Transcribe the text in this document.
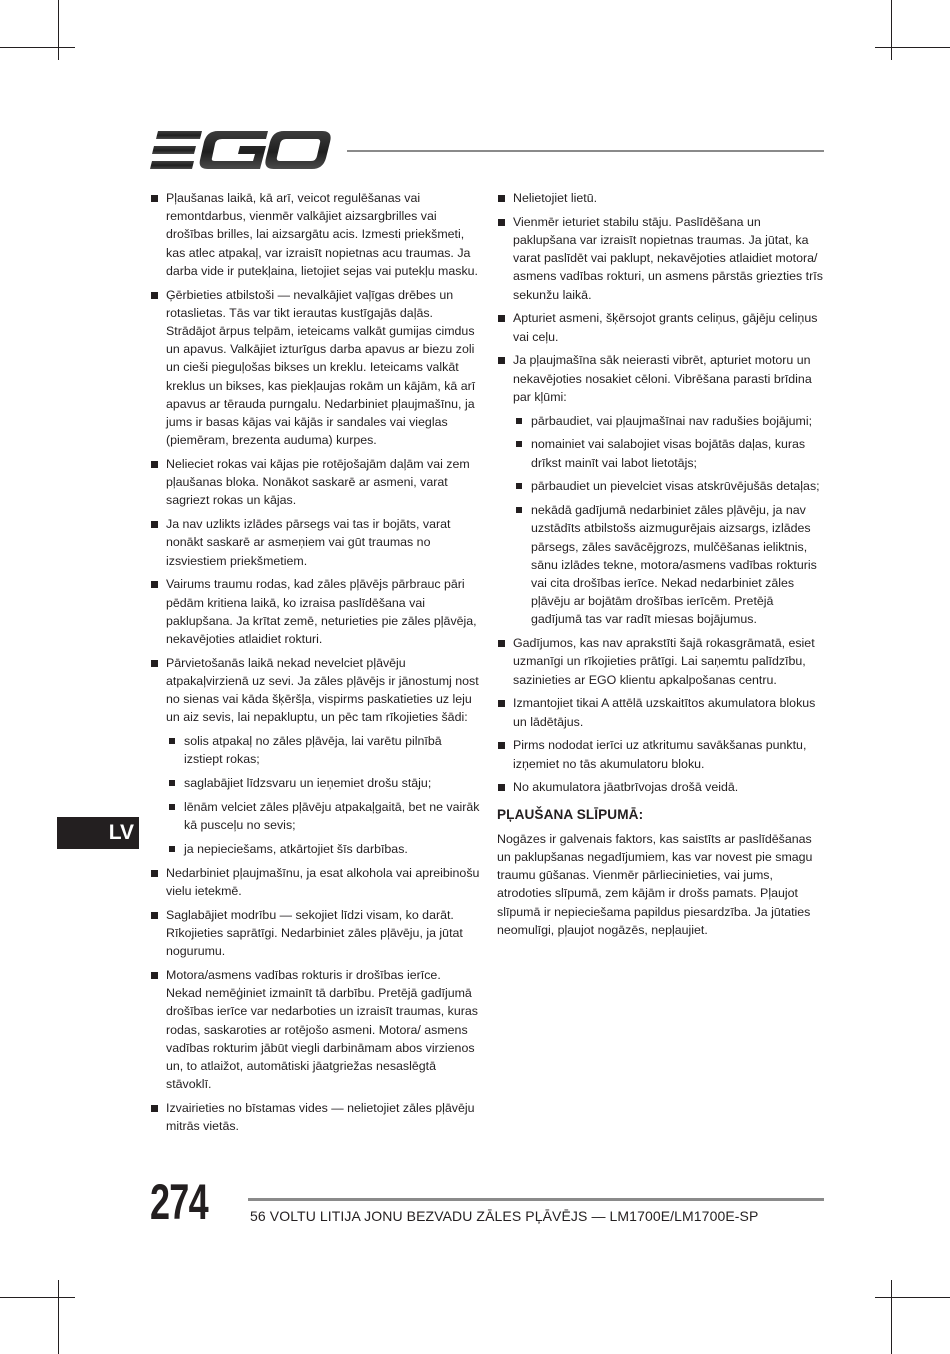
Pļaušanas laikā, kā arī, veicot regulēšanas vai remontdarbus, vienmēr valkājiet aizsargbrilles vai drošības brilles, lai aizsargātu acis. Izmesti priekšmeti, kas atlec atpakaļ, var izraisīt nopietnas acu traumas. Ja darba vide ir putekļaina, lietojiet sejas vai putekļu masku.
Ģērbieties atbilstoši — nevalkājiet vaļīgas drēbes un rotaslietas. Tās var tikt ierautas kustīgajās daļās. Strādājot ārpus telpām, ieteicams valkāt gumijas cimdus un apavus. Valkājiet izturīgus darba apavus ar biezu zoli un cieši pieguļošas bikses un kreklu. Ieteicams valkāt kreklus un bikses, kas piekļaujas rokām un kājām, kā arī apavus ar tērauda purngalu. Nedarbiniet pļaujmašīnu, ja jums ir basas kājas vai kājās ir sandales vai vieglas (piemēram, brezenta auduma) kurpes.
Nelieciet rokas vai kājas pie rotējošajām daļām vai zem pļaušanas bloka. Nonākot saskarē ar asmeni, varat sagriezt rokas un kājas.
Ja nav uzlikts izlādes pārsegs vai tas ir bojāts, varat nonākt saskarē ar asmeņiem vai gūt traumas no izsviestiem priekšmetiem.
Vairums traumu rodas, kad zāles pļāvējs pārbrauc pāri pēdām kritiena laikā, ko izraisa paslīdēšana vai paklupšana. Ja krītat zemē, neturieties pie zāles pļāvēja, nekavējoties atlaidiet rokturi.
Pārvietošanās laikā nekad nevelciet pļāvēju atpakaļvirzienā uz sevi. Ja zāles pļāvējs ir jānostumj nost no sienas vai kāda šķēršļa, vispirms paskatieties uz leju un aiz sevis, lai nepakluptu, un pēc tam rīkojieties šādi:
solis atpakaļ no zāles pļāvēja, lai varētu pilnībā izstiept rokas;
saglabājiet līdzsvaru un ieņemiet drošu stāju;
lēnām velciet zāles pļāvēju atpakaļgaitā, bet ne vairāk kā pusceļu no sevis;
ja nepieciešams, atkārtojiet šīs darbības.
Nedarbiniet pļaujmašīnu, ja esat alkohola vai apreibinošu vielu ietekmē.
Saglabājiet modrību — sekojiet līdzi visam, ko darāt. Rīkojieties saprātīgi. Nedarbiniet zāles pļāvēju, ja jūtat nogurumu.
Motora/asmens vadības rokturis ir drošības ierīce. Nekad nemēģiniet izmainīt tā darbību. Pretējā gadījumā drošības ierīce var nedarboties un izraisīt traumas, kuras rodas, saskaroties ar rotējošo asmeni. Motora/ asmens vadības rokturim jābūt viegli darbināmam abos virzienos un, to atlaižot, automātiski jāatgriežas nesaslēgtā stāvoklī.
Izvairieties no bīstamas vides — nelietojiet zāles pļāvēju mitrās vietās.
Nelietojiet lietū.
Vienmēr ieturiet stabilu stāju. Paslīdēšana un paklupšana var izraisīt nopietnas traumas. Ja jūtat, ka varat paslīdēt vai paklupt, nekavējoties atlaidiet motora/ asmens vadības rokturi, un asmens pārstās griezties trīs sekunžu laikā.
Apturiet asmeni, šķērsojot grants celiņus, gājēju celiņus vai ceļu.
Ja pļaujmašīna sāk neierasti vibrēt, apturiet motoru un nekavējoties nosakiet cēloni. Vibrēšana parasti brīdina par kļūmi:
pārbaudiet, vai pļaujmašīnai nav radušies bojājumi;
nomainiet vai salabojiet visas bojātās daļas, kuras drīkst mainīt vai labot lietotājs;
pārbaudiet un pievelciet visas atskrūvējušās detaļas;
nekādā gadījumā nedarbiniet zāles pļāvēju, ja nav uzstādīts atbilstošs aizmugurējais aizsargs, izlādes pārsegs, zāles savācējgrozs, mulčēšanas ieliktnis, sānu izlādes tekne, motora/asmens vadības rokturis vai cita drošības ierīce. Nekad nedarbiniet zāles pļāvēju ar bojātām drošības ierīcēm. Pretējā gadījumā tas var radīt miesas bojājumus.
Gadījumos, kas nav aprakstīti šajā rokasgrāmatā, esiet uzmanīgi un rīkojieties prātīgi. Lai saņemtu palīdzību, sazinieties ar EGO klientu apkalpošanas centru.
Izmantojiet tikai A attēlā uzskaitītos akumulatora blokus un lādētājus.
Pirms nododat ierīci uz atkritumu savākšanas punktu, izņemiet no tās akumulatoru bloku.
No akumulatora jāatbrīvojas drošā veidā.
PĻAUŠANA SLĪPUMĀ:

Nogāzes ir galvenais faktors, kas saistīts ar paslīdēšanas un paklupšanas negadījumiem, kas var novest pie smagu traumu gūšanas. Vienmēr pārliecinieties, vai jums, atrodoties slīpumā, zem kājām ir drošs pamats. Pļaujot slīpumā ir nepieciešama papildus piesardzība. Ja jūtaties neomulīgi, pļaujot nogāzēs, nepļaujiet.

LV
274	56 VOLTU LITIJA JONU BEZVADU ZĀLES PĻĀVĒJS — LM1700E/LM1700E-SP
